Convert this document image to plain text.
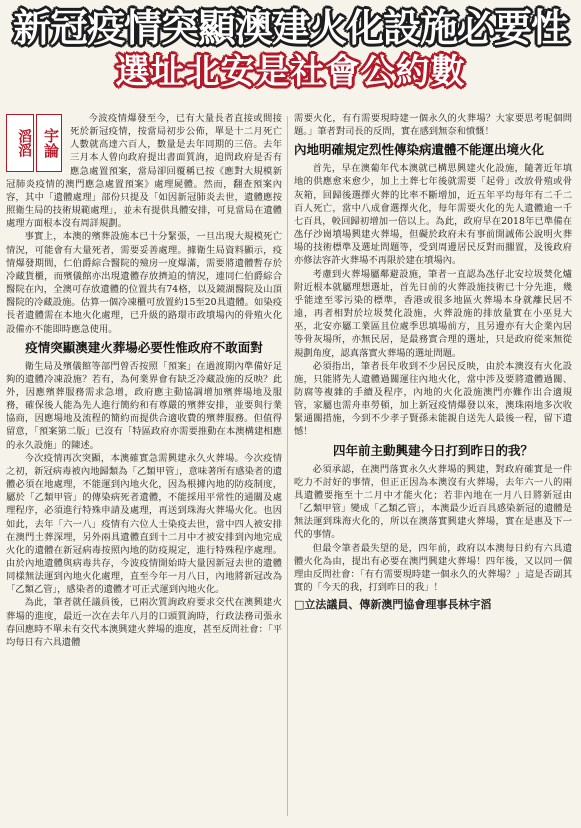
新冠疫情突顯澳建火化設施必要性
選址北安是社會公約數
滔滔 宇論

今波疫情爆發至今，已有大量長者直接或間接死於新冠疫情，按當局初步公佈，單是十二月死亡人數就高達六百人，數量是去年同期的三倍。去年三月本人曾向政府提出書面質詢，追問政府是否有應急處置預案，當局卻回覆稱已按《應對大規模新冠肺炎疫情的澳門應急處置預案》處理屍體。然而，翻查預案內容，其中「遺體處理」部份只提及「如因新冠肺炎去世，遺體應按照衛生局的技術規範處理」，並未有提供具體安排，可見當局在遺體處理方面根本沒有周詳規劃。

事實上，本澳的殯葬設施本已十分緊張，一旦出現大規模死亡情況，可能會有大量死者，需要妥善處理。據衛生局資料顯示，疫情爆發期間，仁伯爵綜合醫院的殮房一度爆滿，需要將遺體暫存於冷藏貨櫃，而殯儀館亦出現遺體存放擠迫的情況，連同仁伯爵綜合醫院在內，全澳可存放遺體的位置共有74格，以及鏡湖醫院及山頂醫院的冷藏設施。估算一個冷凍櫃可放置約15至20具遺體。如染疫長者遺體需在本地火化處理，已升級的路環市政墳場內的骨殖火化設備亦不能即時應急使用。

疫情突顯澳建火葬場必要性惟政府不敢面對

衛生局及殯儀館等部門曾否按照「預案」在過渡期內準備好足夠的遺體冷凍設施？若有，為何業界會有缺乏冷藏設施的反映？此外，因應殯葬服務需求急增，政府應主動協調增加殯葬場地及服務，確保後人能為先人進行簡約和有尊嚴的殯葬安排，並要與行業協商，因應場地及流程的簡約而提供合適收費的殯葬服務。但值得留意，「預案第二版」已沒有「特區政府亦需要推動在本澳構建相應的永久設施」的陳述。

今次疫情再次突顯，本澳確實急需興建永久火葬場。今次疫情之初，新冠病毒被內地歸類為「乙類甲管」，意味著所有感染者的遺體必須在地處理，不能運到內地火化，因為根據內地的防疫制度，屬於「乙類甲管」的傳染病死者遺體，不能採用平常性的通關及處理程序，必須進行特殊申請及處理，再送到珠海火葬場火化。也因如此，去年「六一八」疫情有六位人士染疫去世，當中四人被安排在澳門土葬深埋，另外兩具遺體直到十二月中才被安排到內地完成火化的遺體在新冠病毒按照內地的防疫規定，進行特殊程序處理。由於內地遺體與病毒共存，今波疫情開始時大量因新冠去世的遺體同樣無法運到內地火化處理，直至今年一月八日，內地將新冠改為「乙類乙管」，感染者的遺體才可正式運到內地火化。

為此，筆者就任議員後，已兩次質詢政府要求交代在澳興建火葬場的進度，最近一次在去年八月的口頭質詢時，行政法務司張永春回應時不單未有交代本澳興建火葬場的進度，甚至反問社會：「平均每日有六具遺體

需要火化，有冇需要現時建一個永久的火葬場？大家要思考呢個問題。」筆者對司長的反問，實在感到無奈和憤慨！

內地明確規定烈性傳染病遺體不能運出境火化

首先，早在澳葡年代本澳就已構思興建火化設施，隨著近年填地的供應愈來愈少，加上土葬七年後就需要「起骨」改放骨殖或骨灰箱，回歸後選擇火葬的比率不斷增加，近五年平均每年有二千二百人死亡，當中八成會選擇火化，每年需要火化的先人遺體逾一千七百具，較回歸初增加一倍以上。為此，政府早在2018年已準備在氹仔沙崗墳場興建火葬場，但礙於政府未有事前開誠佈公說明火葬場的技術標準及選址問題等，受到周邊居民反對而擱置，及後政府亦修法容許火葬場不再限於建在墳場內。

考慮到火葬場屬鄰避設施，筆者一直認為氹仔北安垃圾焚化爐附近根本就屬理想選址，首先日前的火葬設施技術已十分先進，幾乎能達至零污染的標準，香港或很多地區火葬場本身就離民居不遠，再者相對於垃圾焚化設施，火葬設施的排放量實在小巫見大巫，北安亦屬工業區且位處季思填場前方，且另邊亦有大企業內居等骨灰場所，亦無民居，是最務實合理的選址，只是政府從來無從規劃角度，認真落實火葬場的選址問題。

必須指出，筆者長年收到不少居民反映，由於本澳沒有火化設施，只能將先人遺體過關運往內地火化，當中涉及要將遺體過關、防腐等複雜的手續及程序，內地的火化設施澳門亦難作出合適規管，家屬也需舟車勞頓，加上新冠疫情爆發以來，澳珠兩地多次收緊通關措施，今到不少孝子賢孫未能親自送先人最後一程，留下遺憾！

四年前主動興建今日打到昨日的我？

必須承認，在澳門落實永久火葬場的興建，對政府確實是一件吃力不討好的事情，但正正因為本澳沒有火葬場，去年六一八的兩具遺體要拖至十二月中才能火化；若非內地在一月八日將新冠由「乙類甲管」變成「乙類乙管」，本澳最少近百具感染新冠的遺體是無法運到珠海火化的，所以在澳落實興建火葬場，實在是惠及下一代的事情。

但最令筆者最失望的是，四年前，政府以本澳每日約有六具遺體火化為由，提出有必要在澳門興建火葬場！四年後，又以同一個理由反問社會：「有冇需要現時建一個永久的火葬場？」這是否副其實的「今天的我，打到昨日的我」！

□立法議員、傳新澳門協會理事長林宇滔
